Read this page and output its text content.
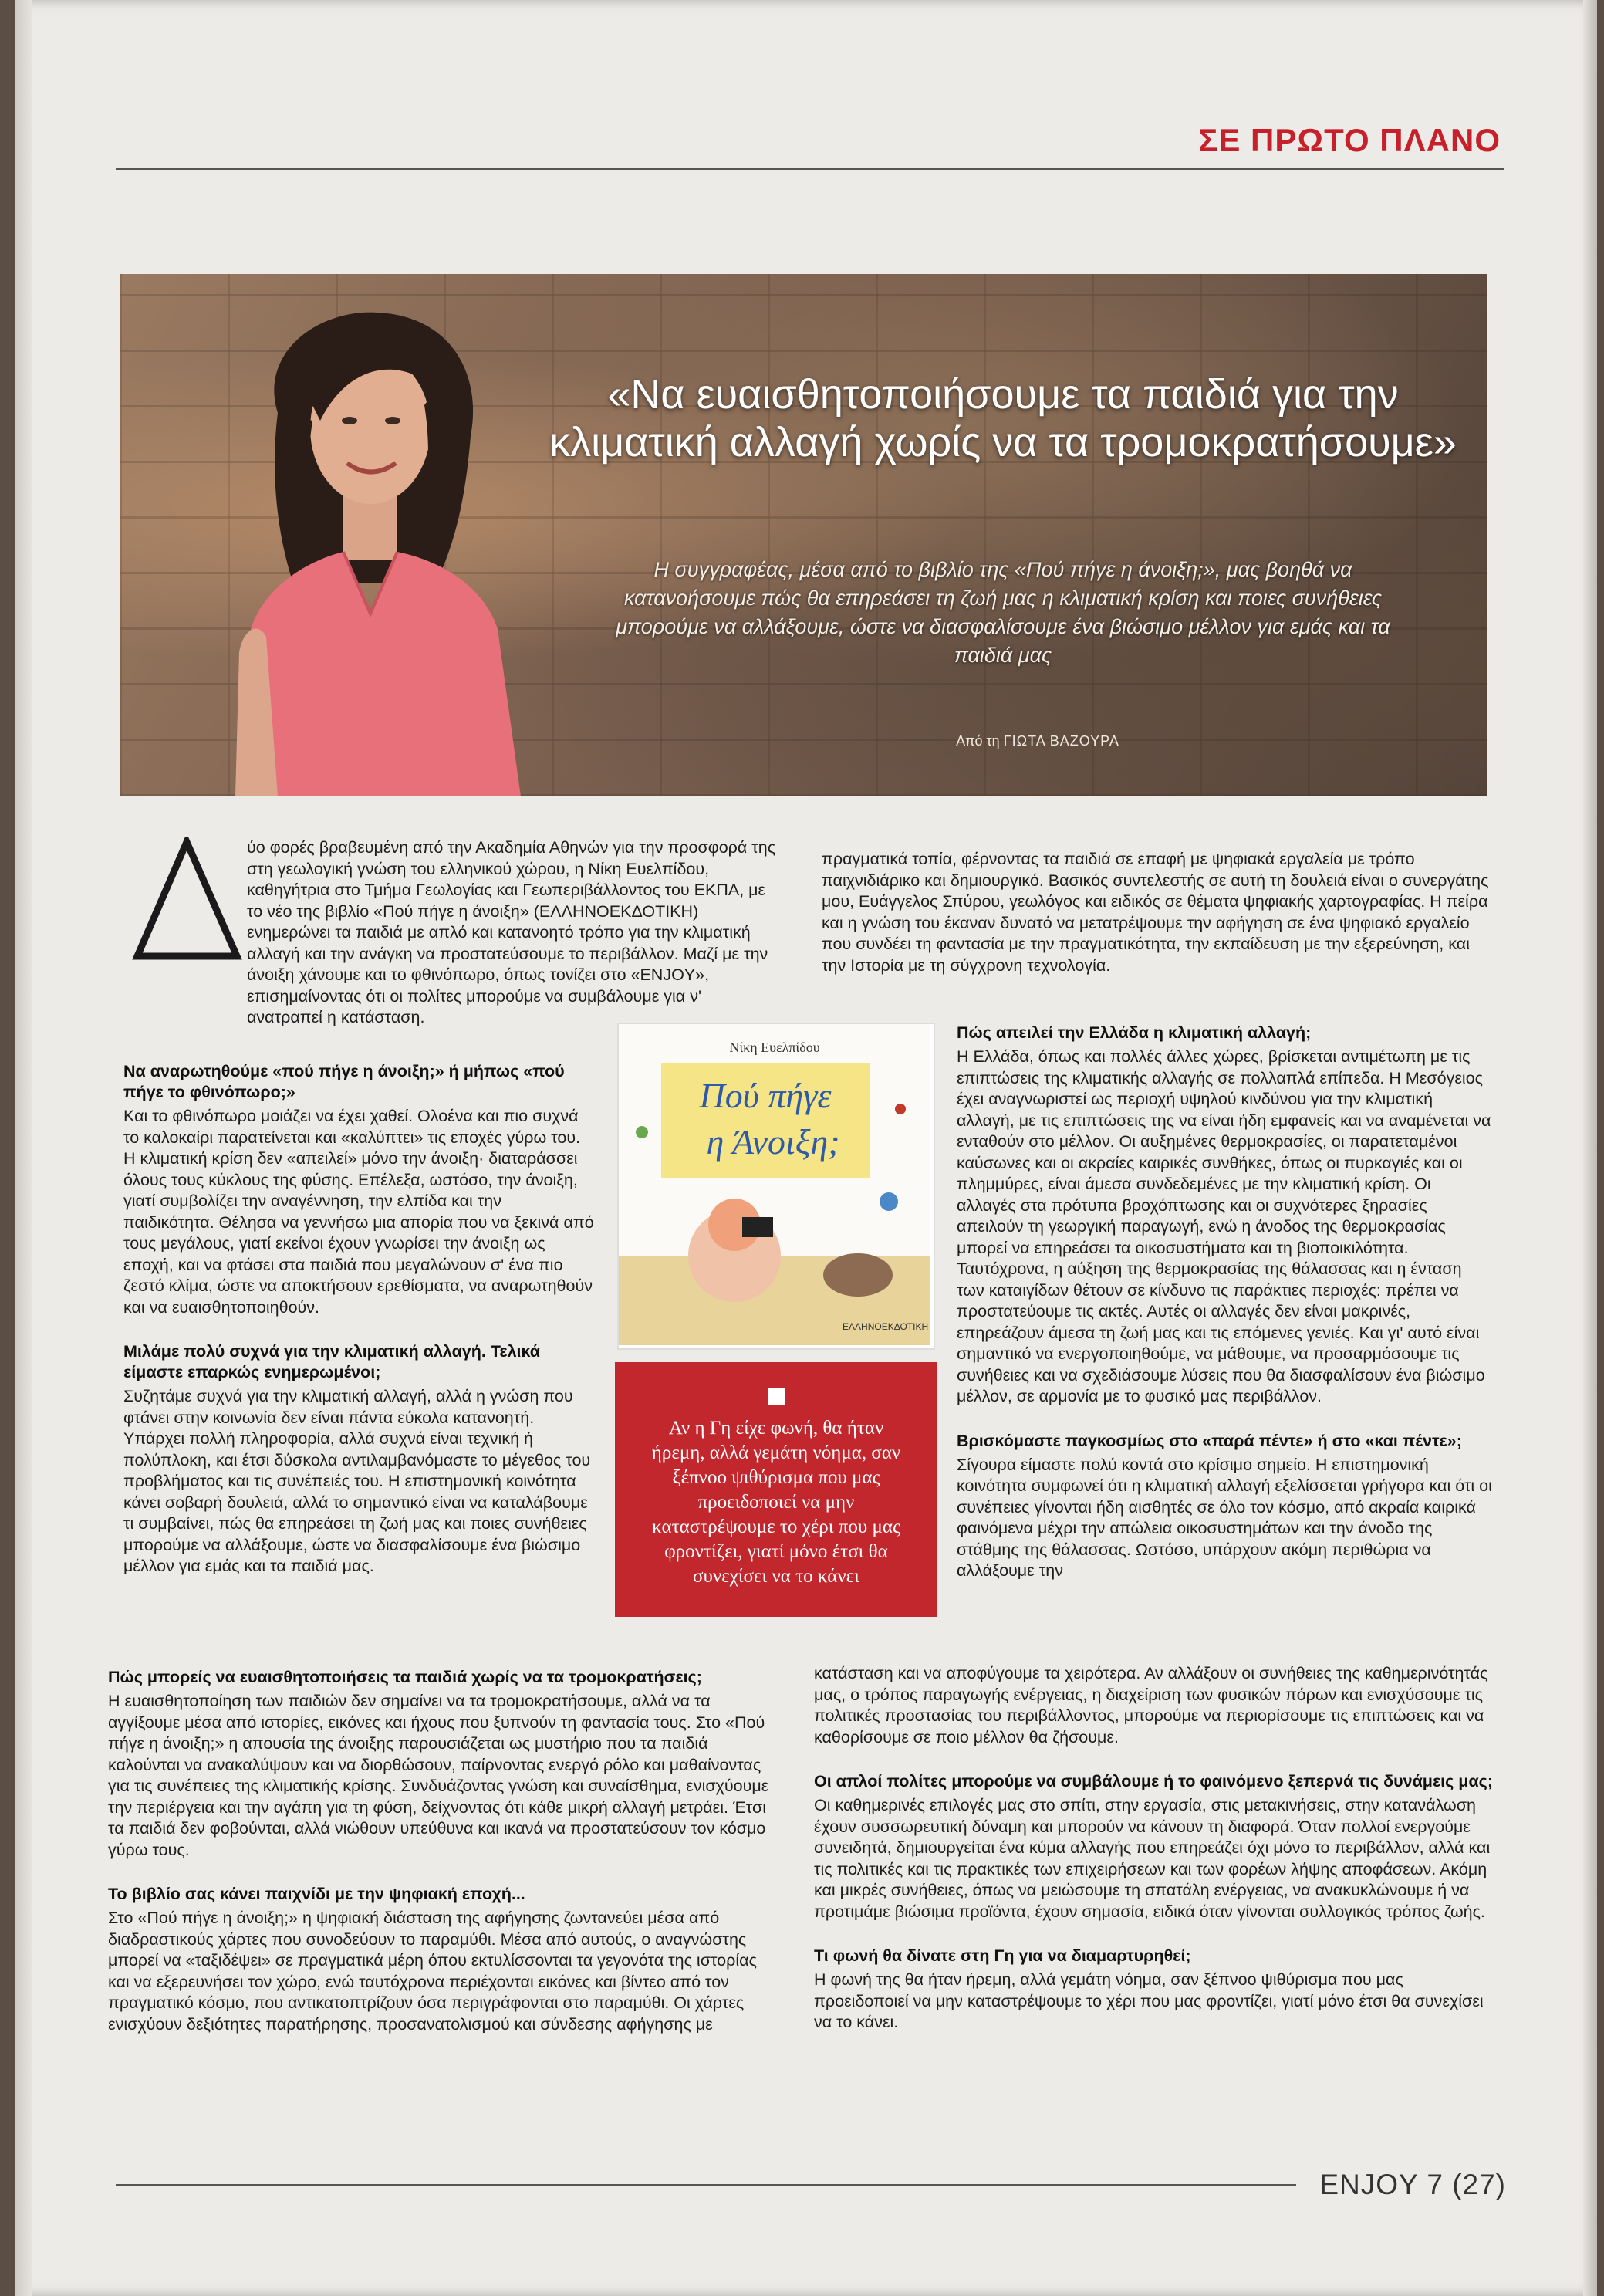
ΣΕ ΠΡΩΤΟ ΠΛΑΝΟ
«Να ευαισθητοποιήσουμε τα παιδιά για την κλιματική αλλαγή χωρίς να τα τρομοκρατήσουμε»
Η συγγραφέας, μέσα από το βιβλίο της «Πού πήγε η άνοιξη;», μας βοηθά να κατανοήσουμε πώς θα επηρεάσει τη ζωή μας η κλιματική κρίση και ποιες συνήθειες μπορούμε να αλλάξουμε, ώστε να διασφαλίσουμε ένα βιώσιμο μέλλον για εμάς και τα παιδιά μας
Από τη ΓΙΩΤΑ ΒΑΖΟΥΡΑ

ύο φορές βραβευμένη από την Ακαδημία Αθηνών για την προσφορά της στη γεωλογική γνώση του ελληνικού χώρου, η Νίκη Ευελπίδου, καθηγήτρια στο Τμήμα Γεωλογίας και Γεωπεριβάλλοντος του ΕΚΠΑ, με το νέο της βιβλίο «Πού πήγε η άνοιξη» (ΕΛΛΗΝΟΕΚΔΟΤΙΚΗ) ενημερώνει τα παιδιά με απλό και κατανοητό τρόπο για την κλιματική αλλαγή και την ανάγκη να προστατεύσουμε το περιβάλλον. Μαζί με την άνοιξη χάνουμε και το φθινόπωρο, όπως τονίζει στο «ENJOY», επισημαίνοντας ότι οι πολίτες μπορούμε να συμβάλουμε για ν' ανατραπεί η κατάσταση.

Να αναρωτηθούμε «πού πήγε η άνοιξη;» ή μήπως «πού πήγε το φθινόπωρο;»

Και το φθινόπωρο μοιάζει να έχει χαθεί. Ολοένα και πιο συχνά το καλοκαίρι παρατείνεται και «καλύπτει» τις εποχές γύρω του. Η κλιματική κρίση δεν «απειλεί» μόνο την άνοιξη· διαταράσσει όλους τους κύκλους της φύσης. Επέλεξα, ωστόσο, την άνοιξη, γιατί συμβολίζει την αναγέννηση, την ελπίδα και την παιδικότητα. Θέλησα να γεννήσω μια απορία που να ξεκινά από τους μεγάλους, γιατί εκείνοι έχουν γνωρίσει την άνοιξη ως εποχή, και να φτάσει στα παιδιά που μεγαλώνουν σ' ένα πιο ζεστό κλίμα, ώστε να αποκτήσουν ερεθίσματα, να αναρωτηθούν και να ευαισθητοποιηθούν.

Μιλάμε πολύ συχνά για την κλιματική αλλαγή. Τελικά είμαστε επαρκώς ενημερωμένοι;

Συζητάμε συχνά για την κλιματική αλλαγή, αλλά η γνώση που φτάνει στην κοινωνία δεν είναι πάντα εύκολα κατανοητή. Υπάρχει πολλή πληροφορία, αλλά συχνά είναι τεχνική ή πολύπλοκη, και έτσι δύσκολα αντιλαμβανόμαστε το μέγεθος του προβλήματος και τις συνέπειές του. Η επιστημονική κοινότητα κάνει σοβαρή δουλειά, αλλά το σημαντικό είναι να καταλάβουμε τι συμβαίνει, πώς θα επηρεάσει τη ζωή μας και ποιες συνήθειες μπορούμε να αλλάξουμε, ώστε να διασφαλίσουμε ένα βιώσιμο μέλλον για εμάς και τα παιδιά μας.

Πώς μπορείς να ευαισθητοποιήσεις τα παιδιά χωρίς να τα τρομοκρατήσεις;

Η ευαισθητοποίηση των παιδιών δεν σημαίνει να τα τρομοκρατήσουμε, αλλά να τα αγγίξουμε μέσα από ιστορίες, εικόνες και ήχους που ξυπνούν τη φαντασία τους. Στο «Πού πήγε η άνοιξη;» η απουσία της άνοιξης παρουσιάζεται ως μυστήριο που τα παιδιά καλούνται να ανακαλύψουν και να διορθώσουν, παίρνοντας ενεργό ρόλο και μαθαίνοντας για τις συνέπειες της κλιματικής κρίσης. Συνδυάζοντας γνώση και συναίσθημα, ενισχύουμε την περιέργεια και την αγάπη για τη φύση, δείχνοντας ότι κάθε μικρή αλλαγή μετράει. Έτσι τα παιδιά δεν φοβούνται, αλλά νιώθουν υπεύθυνα και ικανά να προστατεύσουν τον κόσμο γύρω τους.

Το βιβλίο σας κάνει παιχνίδι με την ψηφιακή εποχή...

Στο «Πού πήγε η άνοιξη;» η ψηφιακή διάσταση της αφήγησης ζωντανεύει μέσα από διαδραστικούς χάρτες που συνοδεύουν το παραμύθι. Μέσα από αυτούς, ο αναγνώστης μπορεί να «ταξιδέψει» σε πραγματικά μέρη όπου εκτυλίσσονται τα γεγονότα της ιστορίας και να εξερευνήσει τον χώρο, ενώ ταυτόχρονα περιέχονται εικόνες και βίντεο από τον πραγματικό κόσμο, που αντικατοπτρίζουν όσα περιγράφονται στο παραμύθι. Οι χάρτες ενισχύουν δεξιότητες παρατήρησης, προσανατολισμού και σύνδεσης αφήγησης με

Νίκη Ευελπίδου
Πού πήγε
η Άνοιξη;
ΕΛΛΗΝΟΕΚΔΟΤΙΚΗ
Αν η Γη είχε φωνή, θα ήταν ήρεμη, αλλά γεμάτη νόημα, σαν ξέπνοο ψιθύρισμα που μας προειδοποιεί να μην καταστρέψουμε το χέρι που μας φροντίζει, γιατί μόνο έτσι θα συνεχίσει να το κάνει

πραγματικά τοπία, φέρνοντας τα παιδιά σε επαφή με ψηφιακά εργαλεία με τρόπο παιχνιδιάρικο και δημιουργικό. Βασικός συντελεστής σε αυτή τη δουλειά είναι ο συνεργάτης μου, Ευάγγελος Σπύρου, γεωλόγος και ειδικός σε θέματα ψηφιακής χαρτογραφίας. Η πείρα και η γνώση του έκαναν δυνατό να μετατρέψουμε την αφήγηση σε ένα ψηφιακό εργαλείο που συνδέει τη φαντασία με την πραγματικότητα, την εκπαίδευση με την εξερεύνηση, και την Ιστορία με τη σύγχρονη τεχνολογία.

Πώς απειλεί την Ελλάδα η κλιματική αλλαγή;

Η Ελλάδα, όπως και πολλές άλλες χώρες, βρίσκεται αντιμέτωπη με τις επιπτώσεις της κλιματικής αλλαγής σε πολλαπλά επίπεδα. Η Μεσόγειος έχει αναγνωριστεί ως περιοχή υψηλού κινδύνου για την κλιματική αλλαγή, με τις επιπτώσεις της να είναι ήδη εμφανείς και να αναμένεται να ενταθούν στο μέλλον. Οι αυξημένες θερμοκρασίες, οι παρατεταμένοι καύσωνες και οι ακραίες καιρικές συνθήκες, όπως οι πυρκαγιές και οι πλημμύρες, είναι άμεσα συνδεδεμένες με την κλιματική κρίση. Οι αλλαγές στα πρότυπα βροχόπτωσης και οι συχνότερες ξηρασίες απειλούν τη γεωργική παραγωγή, ενώ η άνοδος της θερμοκρασίας μπορεί να επηρεάσει τα οικοσυστήματα και τη βιοποικιλότητα. Ταυτόχρονα, η αύξηση της θερμοκρασίας της θάλασσας και η ένταση των καταιγίδων θέτουν σε κίνδυνο τις παράκτιες περιοχές: πρέπει να προστατεύουμε τις ακτές. Αυτές οι αλλαγές δεν είναι μακρινές, επηρεάζουν άμεσα τη ζωή μας και τις επόμενες γενιές. Και γι' αυτό είναι σημαντικό να ενεργοποιηθούμε, να μάθουμε, να προσαρμόσουμε τις συνήθειες και να σχεδιάσουμε λύσεις που θα διασφαλίσουν ένα βιώσιμο μέλλον, σε αρμονία με το φυσικό μας περιβάλλον.

Βρισκόμαστε παγκοσμίως στο «παρά πέντε» ή στο «και πέντε»;

Σίγουρα είμαστε πολύ κοντά στο κρίσιμο σημείο. Η επιστημονική κοινότητα συμφωνεί ότι η κλιματική αλλαγή εξελίσσεται γρήγορα και ότι οι συνέπειες γίνονται ήδη αισθητές σε όλο τον κόσμο, από ακραία καιρικά φαινόμενα μέχρι την απώλεια οικοσυστημάτων και την άνοδο της στάθμης της θάλασσας. Ωστόσο, υπάρχουν ακόμη περιθώρια να αλλάξουμε την

κατάσταση και να αποφύγουμε τα χειρότερα. Αν αλλάξουν οι συνήθειες της καθημερινότητάς μας, ο τρόπος παραγωγής ενέργειας, η διαχείριση των φυσικών πόρων και ενισχύσουμε τις πολιτικές προστασίας του περιβάλλοντος, μπορούμε να περιορίσουμε τις επιπτώσεις και να καθορίσουμε σε ποιο μέλλον θα ζήσουμε.

Οι απλοί πολίτες μπορούμε να συμβάλουμε ή το φαινόμενο ξεπερνά τις δυνάμεις μας;

Οι καθημερινές επιλογές μας στο σπίτι, στην εργασία, στις μετακινήσεις, στην κατανάλωση έχουν συσσωρευτική δύναμη και μπορούν να κάνουν τη διαφορά. Όταν πολλοί ενεργούμε συνειδητά, δημιουργείται ένα κύμα αλλαγής που επηρεάζει όχι μόνο το περιβάλλον, αλλά και τις πολιτικές και τις πρακτικές των επιχειρήσεων και των φορέων λήψης αποφάσεων. Ακόμη και μικρές συνήθειες, όπως να μειώσουμε τη σπατάλη ενέργειας, να ανακυκλώνουμε ή να προτιμάμε βιώσιμα προϊόντα, έχουν σημασία, ειδικά όταν γίνονται συλλογικός τρόπος ζωής.

Τι φωνή θα δίνατε στη Γη για να διαμαρτυρηθεί;

Η φωνή της θα ήταν ήρεμη, αλλά γεμάτη νόημα, σαν ξέπνοο ψιθύρισμα που μας προειδοποιεί να μην καταστρέψουμε το χέρι που μας φροντίζει, γιατί μόνο έτσι θα συνεχίσει να το κάνει.

ENJOY 7 (27)
